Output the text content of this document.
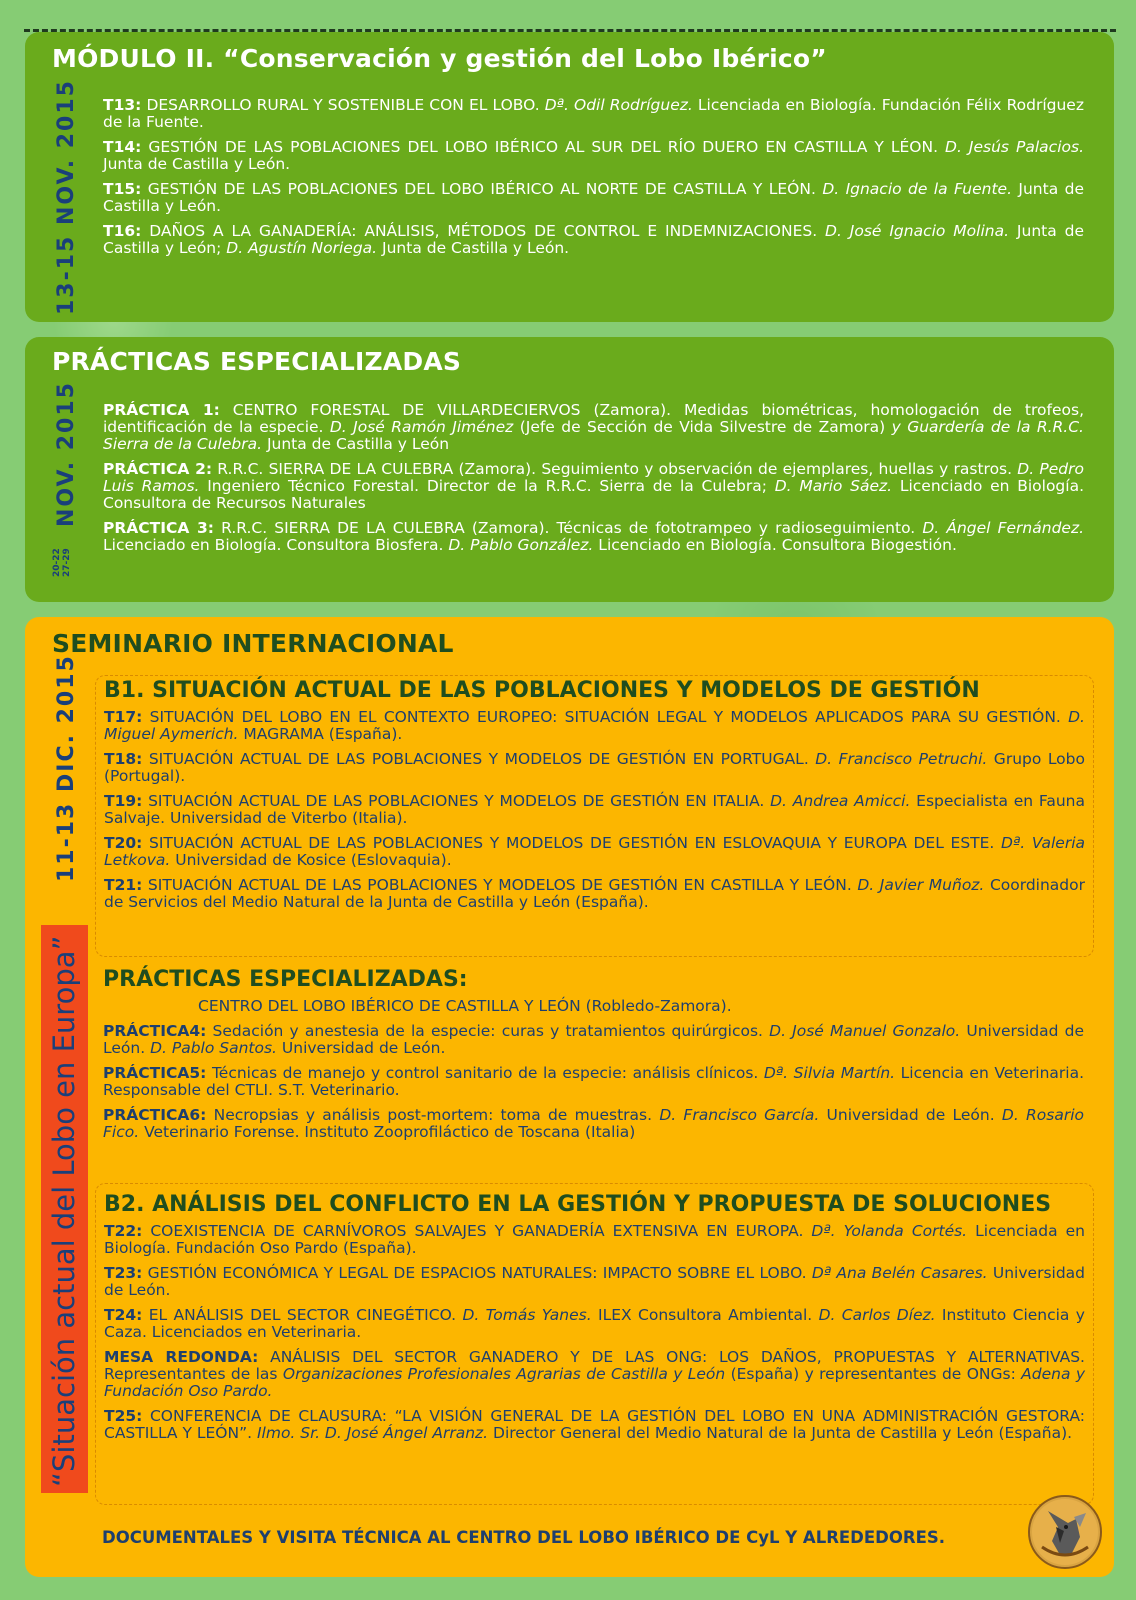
MÓDULO II. “Conservación y gestión del Lobo Ibérico”
13-15 NOV. 2015 T13: DESARROLLO RURAL Y SOSTENIBLE CON EL LOBO. Dª. Odil Rodríguez. Licenciada en Biología. Fundación Félix Rodríguez de la Fuente.
T14: GESTIÓN DE LAS POBLACIONES DEL LOBO IBÉRICO AL SUR DEL RÍO DUERO EN CASTILLA Y LÉON. D. Jesús Palacios. Junta de Castilla y León.
T15: GESTIÓN DE LAS POBLACIONES DEL LOBO IBÉRICO AL NORTE DE CASTILLA Y LEÓN. D. Ignacio de la Fuente. Junta de Castilla y León.
T16: DAÑOS A LA GANADERÍA: ANÁLISIS, MÉTODOS DE CONTROL E INDEMNIZACIONES. D. José Ignacio Molina. Junta de Castilla y León; D. Agustín Noriega. Junta de Castilla y León.
PRÁCTICAS ESPECIALIZADAS
NOV. 2015
20-22 27-29
PRÁCTICA 1: CENTRO FORESTAL DE VILLARDECIERVOS (Zamora). Medidas biométricas, homologación de trofeos, identificación de la especie. D. José Ramón Jiménez (Jefe de Sección de Vida Silvestre de Zamora) y Guardería de la R.R.C. Sierra de la Culebra. Junta de Castilla y León
PRÁCTICA 2: R.R.C. SIERRA DE LA CULEBRA (Zamora). Seguimiento y observación de ejemplares, huellas y rastros. D. Pedro Luis Ramos. Ingeniero Técnico Forestal. Director de la R.R.C. Sierra de la Culebra; D. Mario Sáez. Licenciado en Biología. Consultora de Recursos Naturales
PRÁCTICA 3: R.R.C. SIERRA DE LA CULEBRA (Zamora). Técnicas de fototrampeo y radioseguimiento. D. Ángel Fernández. Licenciado en Biología. Consultora Biosfera. D. Pablo González. Licenciado en Biología. Consultora Biogestión.
SEMINARIO INTERNACIONAL
11-13 DIC. 2015
“Situación actual del Lobo en Europa”
B1. SITUACIÓN ACTUAL DE LAS POBLACIONES Y MODELOS DE GESTIÓN
T17: SITUACIÓN DEL LOBO EN EL CONTEXTO EUROPEO: SITUACIÓN LEGAL Y MODELOS APLICADOS PARA SU GESTIÓN. D. Miguel Aymerich. MAGRAMA (España).
T18: SITUACIÓN ACTUAL DE LAS POBLACIONES Y MODELOS DE GESTIÓN EN PORTUGAL. D. Francisco Petruchi. Grupo Lobo (Portugal).
T19: SITUACIÓN ACTUAL DE LAS POBLACIONES Y MODELOS DE GESTIÓN EN ITALIA. D. Andrea Amicci. Especialista en Fauna Salvaje. Universidad de Viterbo (Italia).
T20: SITUACIÓN ACTUAL DE LAS POBLACIONES Y MODELOS DE GESTIÓN EN ESLOVAQUIA Y EUROPA DEL ESTE. Dª. Valeria Letkova. Universidad de Kosice (Eslovaquia).
T21: SITUACIÓN ACTUAL DE LAS POBLACIONES Y MODELOS DE GESTIÓN EN CASTILLA Y LEÓN. D. Javier Muñoz. Coordinador de Servicios del Medio Natural de la Junta de Castilla y León (España).
PRÁCTICAS ESPECIALIZADAS:
CENTRO DEL LOBO IBÉRICO DE CASTILLA Y LEÓN (Robledo-Zamora).
PRÁCTICA4: Sedación y anestesia de la especie: curas y tratamientos quirúrgicos. D. José Manuel Gonzalo. Universidad de León. D. Pablo Santos. Universidad de León.
PRÁCTICA5: Técnicas de manejo y control sanitario de la especie: análisis clínicos. Dª. Silvia Martín. Licencia en Veterinaria. Responsable del CTLI. S.T. Veterinario.
PRÁCTICA6: Necropsias y análisis post-mortem: toma de muestras. D. Francisco García. Universidad de León. D. Rosario Fico. Veterinario Forense. Instituto Zooprofiláctico de Toscana (Italia)
B2. ANÁLISIS DEL CONFLICTO EN LA GESTIÓN Y PROPUESTA DE SOLUCIONES
T22: COEXISTENCIA DE CARNÍVOROS SALVAJES Y GANADERÍA EXTENSIVA EN EUROPA. Dª. Yolanda Cortés. Licenciada en Biología. Fundación Oso Pardo (España).
T23: GESTIÓN ECONÓMICA Y LEGAL DE ESPACIOS NATURALES: IMPACTO SOBRE EL LOBO. Dª Ana Belén Casares. Universidad de León.
T24: EL ANÁLISIS DEL SECTOR CINEGÉTICO. D. Tomás Yanes. ILEX Consultora Ambiental. D. Carlos Díez. Instituto Ciencia y Caza. Licenciados en Veterinaria.
MESA REDONDA: ANÁLISIS DEL SECTOR GANADERO Y DE LAS ONG: LOS DAÑOS, PROPUESTAS Y ALTERNATIVAS. Representantes de las Organizaciones Profesionales Agrarias de Castilla y León (España) y representantes de ONGs: Adena y Fundación Oso Pardo.
T25: CONFERENCIA DE CLAUSURA: “LA VISIÓN GENERAL DE LA GESTIÓN DEL LOBO EN UNA ADMINISTRACIÓN GESTORA: CASTILLA Y LEÓN”. Ilmo. Sr. D. José Ángel Arranz. Director General del Medio Natural de la Junta de Castilla y León (España).
DOCUMENTALES Y VISITA TÉCNICA AL CENTRO DEL LOBO IBÉRICO DE CyL Y ALREDEDORES.
